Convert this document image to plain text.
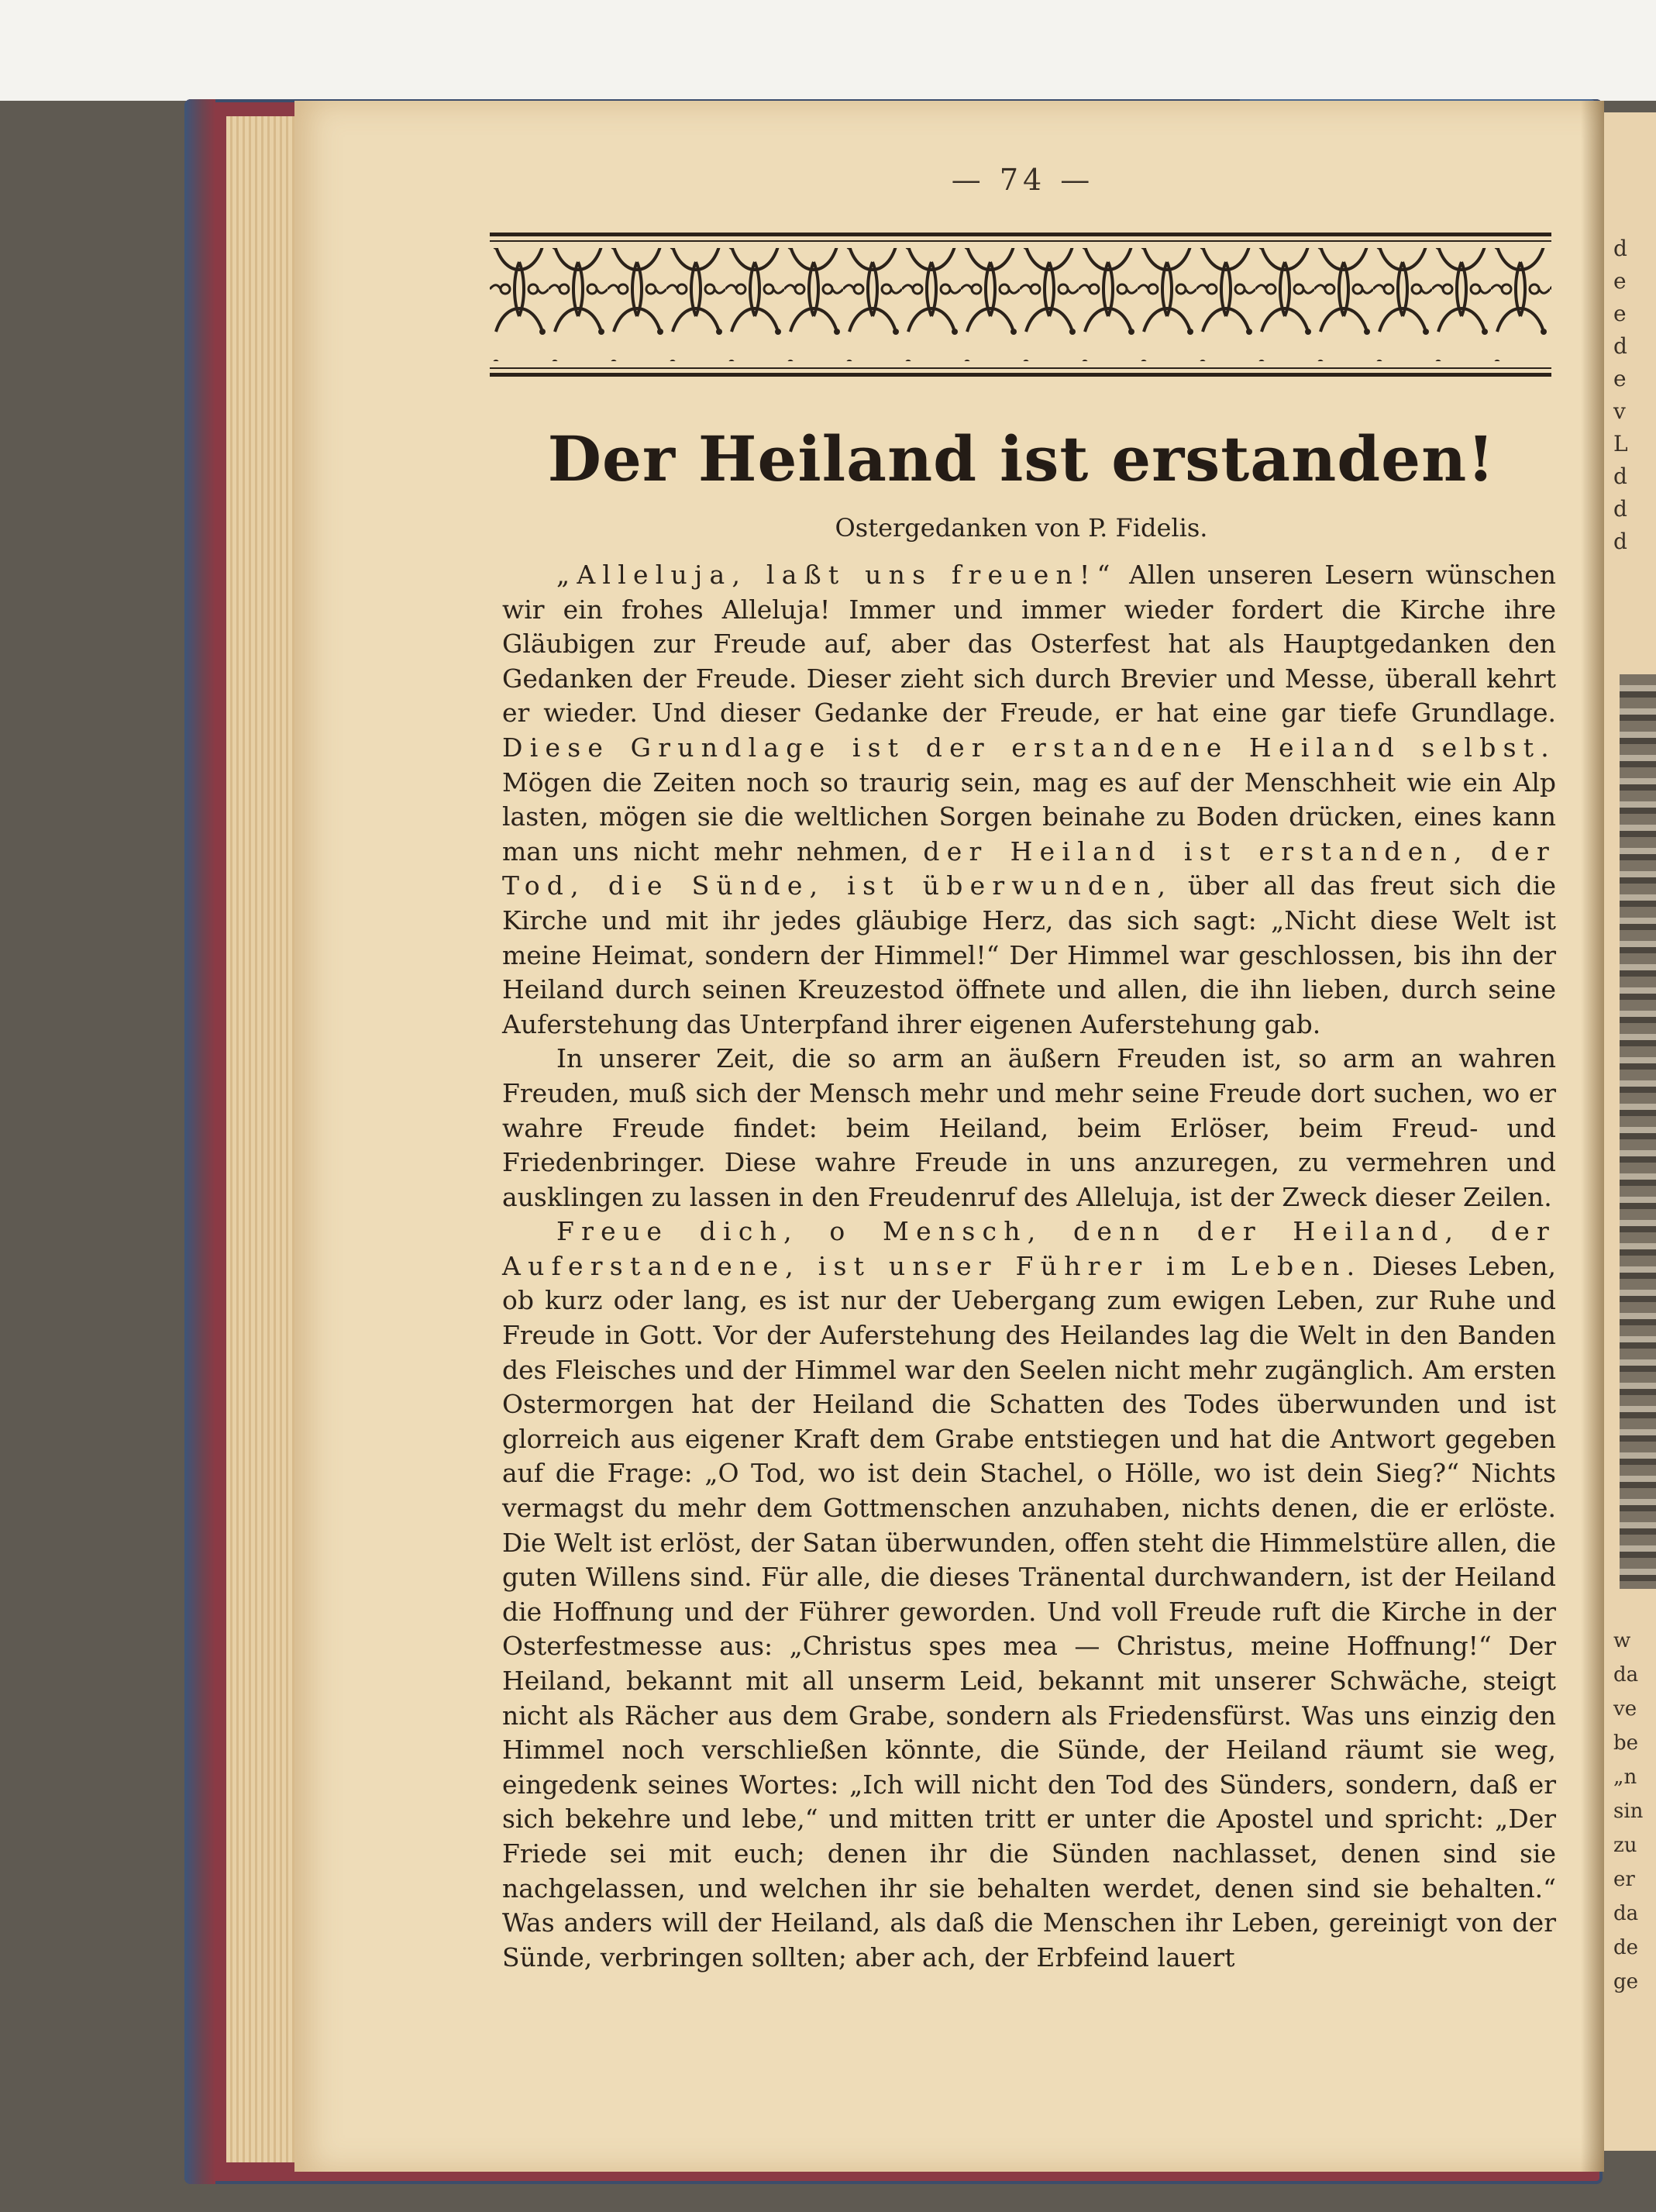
d
e
e
d
e
v
L
d
d
d
w
da
ve
be
„n
sin
zu
er
da
de
ge
— 74 —
Der Heiland ist erstanden!
Ostergedanken von P. Fidelis.

„Alleluja, laßt uns freuen!“ Allen unseren Lesern wünschen wir ein frohes Alleluja! Immer und immer wieder fordert die Kirche ihre Gläubigen zur Freude auf, aber das Osterfest hat als Hauptgedanken den Gedanken der Freude. Dieser zieht sich durch Brevier und Messe, überall kehrt er wieder. Und dieser Gedanke der Freude, er hat eine gar tiefe Grundlage. Diese Grundlage ist der erstandene Heiland selbst. Mögen die Zeiten noch so traurig sein, mag es auf der Menschheit wie ein Alp lasten, mögen sie die weltlichen Sorgen beinahe zu Boden drücken, eines kann man uns nicht mehr nehmen, der Heiland ist erstanden, der Tod, die Sünde, ist überwunden, über all das freut sich die Kirche und mit ihr jedes gläubige Herz, das sich sagt: „Nicht diese Welt ist meine Heimat, sondern der Himmel!“ Der Himmel war geschlossen, bis ihn der Heiland durch seinen Kreuzestod öffnete und allen, die ihn lieben, durch seine Auferstehung das Unterpfand ihrer eigenen Auferstehung gab.

In unserer Zeit, die so arm an äußern Freuden ist, so arm an wahren Freuden, muß sich der Mensch mehr und mehr seine Freude dort suchen, wo er wahre Freude findet: beim Heiland, beim Erlöser, beim Freud- und Friedenbringer. Diese wahre Freude in uns anzuregen, zu vermehren und ausklingen zu lassen in den Freudenruf des Alleluja, ist der Zweck dieser Zeilen.

Freue dich, o Mensch, denn der Heiland, der Auferstandene, ist unser Führer im Leben. Dieses Leben, ob kurz oder lang, es ist nur der Uebergang zum ewigen Leben, zur Ruhe und Freude in Gott. Vor der Auferstehung des Heilandes lag die Welt in den Banden des Fleisches und der Himmel war den Seelen nicht mehr zugänglich. Am ersten Ostermorgen hat der Heiland die Schatten des Todes überwunden und ist glorreich aus eigener Kraft dem Grabe entstiegen und hat die Antwort gegeben auf die Frage: „O Tod, wo ist dein Stachel, o Hölle, wo ist dein Sieg?“ Nichts vermagst du mehr dem Gottmenschen anzuhaben, nichts denen, die er erlöste. Die Welt ist erlöst, der Satan überwunden, offen steht die Himmelstüre allen, die guten Willens sind. Für alle, die dieses Tränental durchwandern, ist der Heiland die Hoffnung und der Führer geworden. Und voll Freude ruft die Kirche in der Osterfestmesse aus: „Christus spes mea — Christus, meine Hoffnung!“ Der Heiland, bekannt mit all unserm Leid, bekannt mit unserer Schwäche, steigt nicht als Rächer aus dem Grabe, sondern als Friedensfürst. Was uns einzig den Himmel noch verschließen könnte, die Sünde, der Heiland räumt sie weg, eingedenk seines Wortes: „Ich will nicht den Tod des Sünders, sondern, daß er sich bekehre und lebe,“ und mitten tritt er unter die Apostel und spricht: „Der Friede sei mit euch; denen ihr die Sünden nachlasset, denen sind sie nachgelassen, und welchen ihr sie behalten werdet, denen sind sie behalten.“ Was anders will der Heiland, als daß die Menschen ihr Leben, gereinigt von der Sünde, verbringen sollten; aber ach, der Erbfeind lauert
